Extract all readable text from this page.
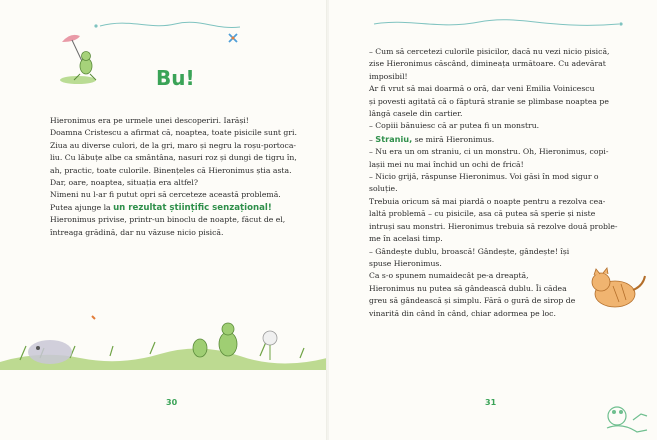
Bu!

Hieronimus era pe urmele unei descoperiri. Iarăși!

Doamna Cristescu a afirmat că, noaptea, toate pisicile sunt gri.

Ziua au diverse culori, de la gri, maro și negru la roșu-portoca-

liu. Cu lăbuțe albe ca smântâna, nasuri roz și dungi de tigru în,

ah, practic, toate culorile. Binențeles că Hieronimus știa asta.

Dar, oare, noaptea, situația era altfel?

Nimeni nu l-ar fi putut opri să cerceteze această problemă.

Putea ajunge la un rezultat științific senzațional!

Hieronimus privise, printr-un binoclu de noapte, făcut de el,

întreaga grădină, dar nu văzuse nicio pisică.

30

– Cum să cercetezi culorile pisicilor, dacă nu vezi nicio pisică,

zise Hieronimus căscând, dimineața următoare. Cu adevărat

imposibil!

Ar fi vrut să mai doarmă o oră, dar veni Emilia Voinicescu

și povesti agitată că o făptură stranie se plimbase noaptea pe

lângă casele din cartier.

– Copiii bănuiesc că ar putea fi un monstru.

– Straniu, se miră Hieronimus.

– Nu era un om straniu, ci un monstru. Oh, Hieronimus, copi-

lașii mei nu mai închid un ochi de frică!

– Nicio grijă, răspunse Hieronimus. Voi găsi în mod sigur o

soluție.

Trebuia oricum să mai piardă o noapte pentru a rezolva cea-

laltă problemă – cu pisicile, asa că putea să sperie și niste

intruși sau monstri. Hieronimus trebuia să rezolve două proble-

me în acelasi timp.

– Gândește dublu, broască! Gândește, gândește! își

spuse Hieronimus.

Ca s-o spunem numaidecât pe-a dreaptă,

Hieronimus nu putea să gândească dublu. Îi cădea

greu să gândească și simplu. Fără o gură de sirop de

vinarită din când în când, chiar adormea pe loc.

31
